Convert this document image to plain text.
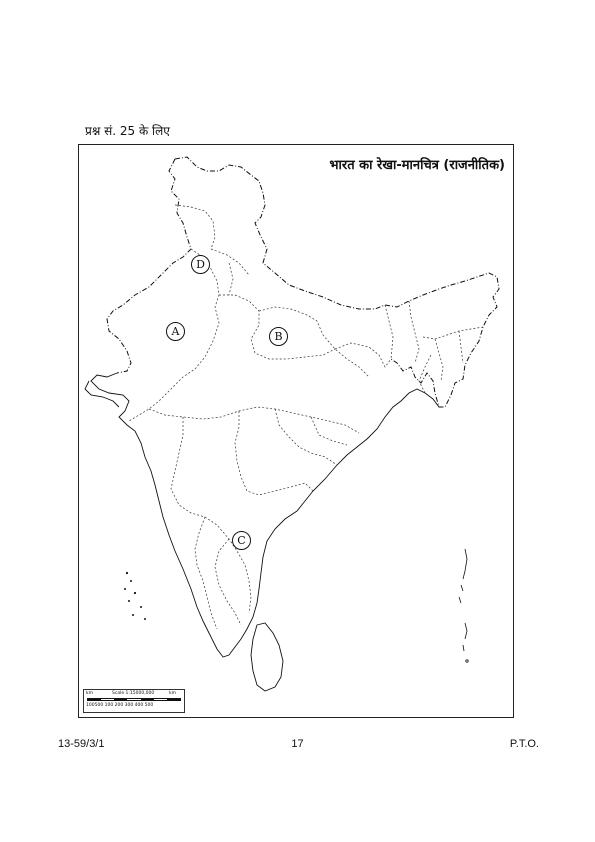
प्रश्न सं. 25 के लिए
भारत का रेखा-मानचित्र (राजनीतिक)
D
A	B
C
km	Scale 1:15000,000	km
100500 100 200 300 400 500
13-59/3/1	17	P.T.O.
